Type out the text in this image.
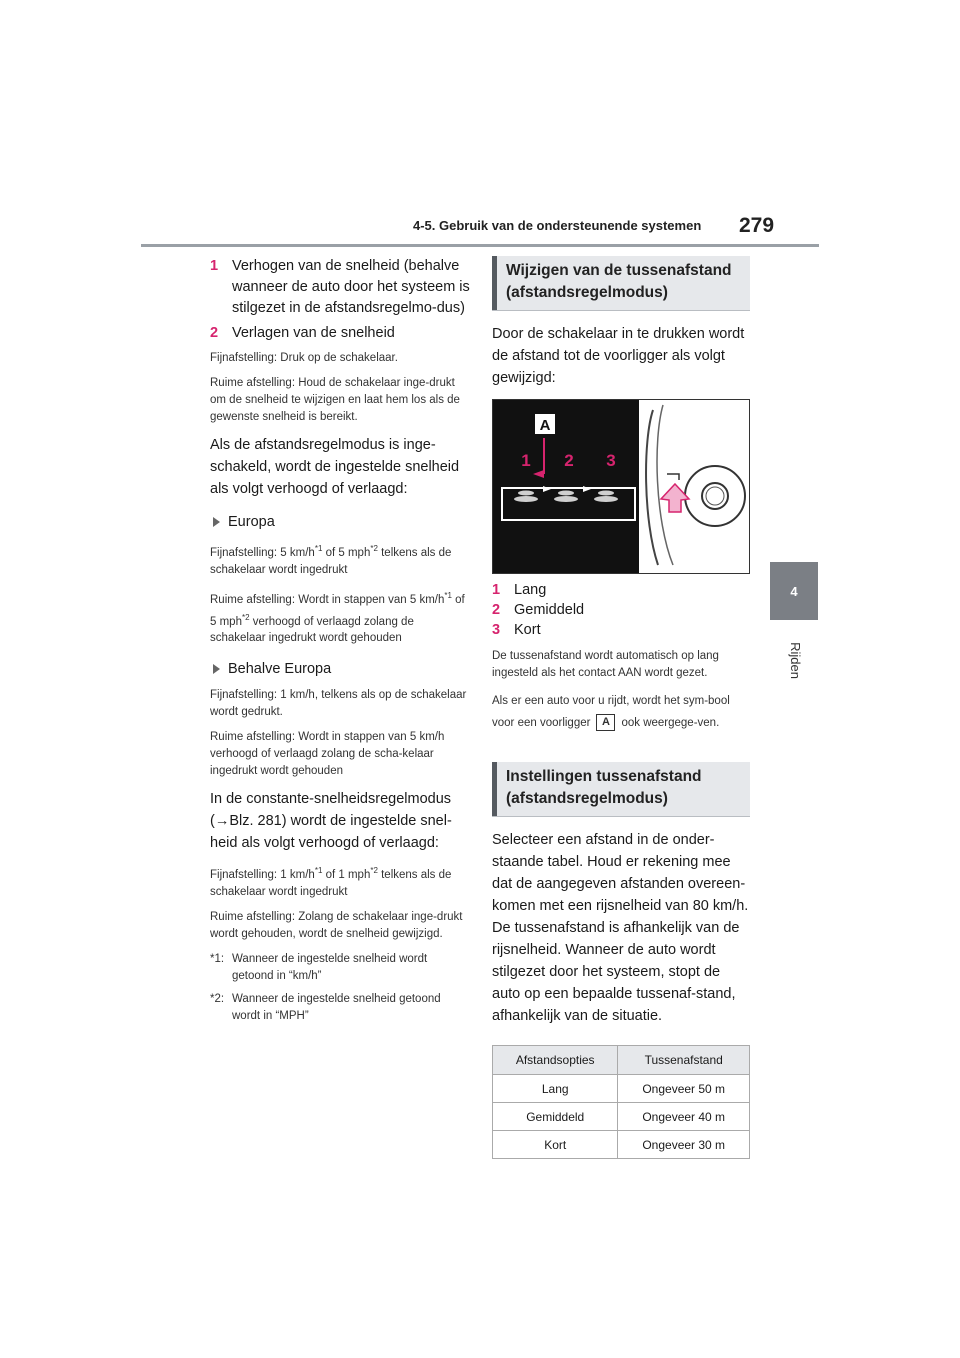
4-5. Gebruik van de ondersteunende systemen 279
4
Rijden
1 Verhogen van de snelheid (behalve wanneer de auto door het systeem is stilgezet in de afstandsregelmo-dus)
2 Verlagen van de snelheid
Fijnafstelling: Druk op de schakelaar.
Ruime afstelling: Houd de schakelaar inge-drukt om de snelheid te wijzigen en laat hem los als de gewenste snelheid is bereikt.
Als de afstandsregelmodus is inge-schakeld, wordt de ingestelde snelheid als volgt verhoogd of verlaagd:
Europa
Fijnafstelling: 5 $km/h^{*1}$ of 5 mph$^{*2}$ telkens als de schakelaar wordt ingedrukt
Ruime afstelling: Wordt in stappen van 5 $km/h^{*1}$ of 5 mph$^{*2}$ verhoogd of verlaagd zolang de schakelaar ingedrukt wordt gehouden
Behalve Europa
Fijnafstelling: 1 km/h, telkens als op de schakelaar wordt gedrukt.
Ruime afstelling: Wordt in stappen van 5 km/h verhoogd of verlaagd zolang de scha-kelaar ingedrukt wordt gehouden
In de constante-snelheidsregelmodus (→Blz. 281) wordt de ingestelde snel-heid als volgt verhoogd of verlaagd:
Fijnafstelling: 1 $km/h^{*1}$ of 1 mph$^{*2}$ telkens als de schakelaar wordt ingedrukt
Ruime afstelling: Zolang de schakelaar inge-drukt wordt gehouden, wordt de snelheid gewijzigd.
*1: Wanneer de ingestelde snelheid wordt getoond in “km/h”
*2: Wanneer de ingestelde snelheid getoond wordt in “MPH”
Wijzigen van de tussenafstand (afstandsregelmodus)
Door de schakelaar in te drukken wordt de afstand tot de voorligger als volgt gewijzigd:
A
1 2 3
1 Lang
2 Gemiddeld
3 Kort
De tussenafstand wordt automatisch op lang ingesteld als het contact AAN wordt gezet.
Als er een auto voor u rijdt, wordt het sym-bool voor een voorligger A ook weergege-ven.
Instellingen tussenafstand (afstandsregelmodus)
Selecteer een afstand in de onder-staande tabel. Houd er rekening mee dat de aangegeven afstanden overeen-komen met een rijsnelheid van 80 km/h. De tussenafstand is afhankelijk van de rijsnelheid. Wanneer de auto wordt stilgezet door het systeem, stopt de auto op een bepaalde tussenaf-stand, afhankelijk van de situatie.
Afstandsopties	Tussenafstand
Lang	Ongeveer 50 m
Gemiddeld	Ongeveer 40 m
Kort	Ongeveer 30 m
